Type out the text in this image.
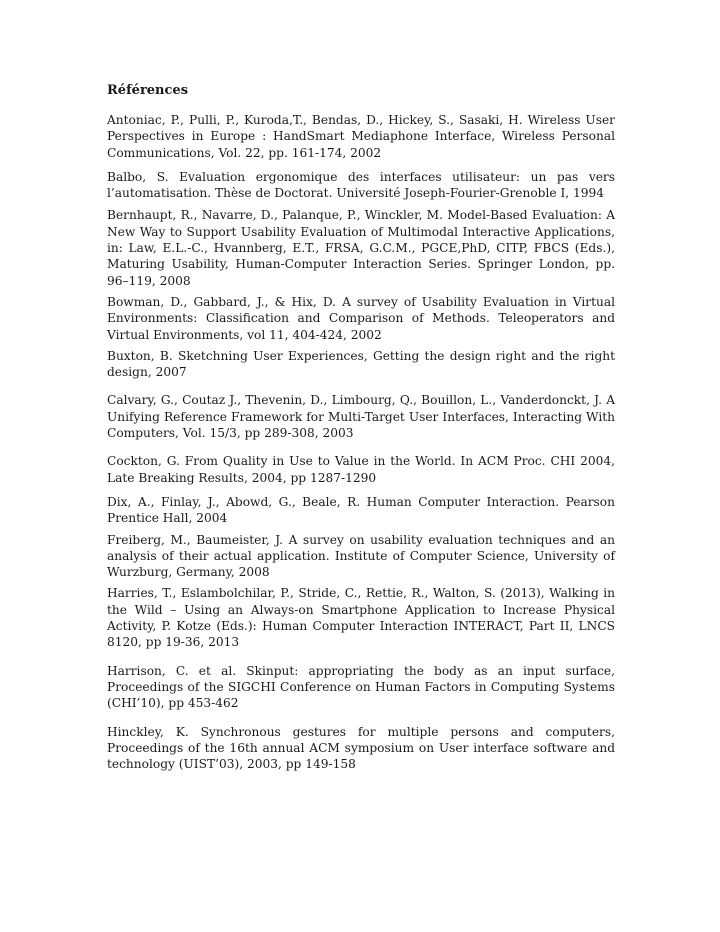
Références

Antoniac, P., Pulli, P., Kuroda,T., Bendas, D., Hickey, S., Sasaki, H. Wireless User Perspectives in Europe : HandSmart Mediaphone Interface, Wireless Personal Communications, Vol. 22, pp. 161-174, 2002

Balbo, S. Evaluation ergonomique des interfaces utilisateur: un pas vers l’automatisation. Thèse de Doctorat. Université Joseph-Fourier-Grenoble I, 1994

Bernhaupt, R., Navarre, D., Palanque, P., Winckler, M. Model-Based Evaluation: A New Way to Support Usability Evaluation of Multimodal Interactive Applications, in: Law, E.L.-C., Hvannberg, E.T., FRSA, G.C.M., PGCE,PhD, CITP, FBCS (Eds.), Maturing Usability, Human-Computer Interaction Series. Springer London, pp. 96–119, 2008

Bowman, D., Gabbard, J., & Hix, D. A survey of Usability Evaluation in Virtual Environments: Classification and Comparison of Methods. Teleoperators and Virtual Environments, vol 11, 404-424, 2002

Buxton, B. Sketchning User Experiences, Getting the design right and the right design, 2007

Calvary, G., Coutaz J., Thevenin, D., Limbourg, Q., Bouillon, L., Vanderdonckt, J. A Unifying Reference Framework for Multi-Target User Interfaces, Interacting With Computers, Vol. 15/3, pp 289-308, 2003

Cockton, G. From Quality in Use to Value in the World. In ACM Proc. CHI 2004, Late Breaking Results, 2004, pp 1287-1290

Dix, A., Finlay, J., Abowd, G., Beale, R. Human Computer Interaction. Pearson Prentice Hall, 2004

Freiberg, M., Baumeister, J. A survey on usability evaluation techniques and an analysis of their actual application. Institute of Computer Science, University of Wurzburg, Germany, 2008

Harries, T., Eslambolchilar, P., Stride, C., Rettie, R., Walton, S. (2013), Walking in the Wild – Using an Always-on Smartphone Application to Increase Physical Activity, P. Kotze (Eds.): Human Computer Interaction INTERACT, Part II, LNCS 8120, pp 19-36, 2013

Harrison, C. et al. Skinput: appropriating the body as an input surface, Proceedings of the SIGCHI Conference on Human Factors in Computing Systems (CHI’10), pp 453-462

Hinckley, K. Synchronous gestures for multiple persons and computers, Proceedings of the 16th annual ACM symposium on User interface software and technology (UIST’03), 2003, pp 149-158
